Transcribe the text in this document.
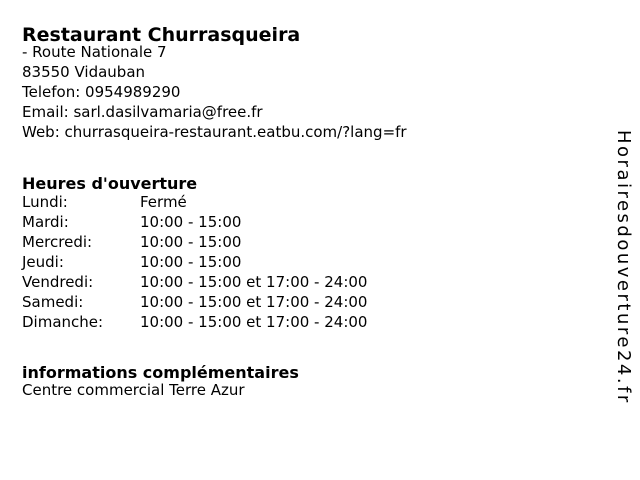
Restaurant Churrasqueira
- Route Nationale 7
83550 Vidauban
Telefon: 0954989290
Email: sarl.dasilvamaria@free.fr
Web: churrasqueira-restaurant.eatbu.com/?lang=fr
Heures d'ouverture
Lundi:	Fermé
Mardi:	10:00 - 15:00
Mercredi:	10:00 - 15:00
Jeudi:	10:00 - 15:00
Vendredi:	10:00 - 15:00 et 17:00 - 24:00
Samedi:	10:00 - 15:00 et 17:00 - 24:00
Dimanche:	10:00 - 15:00 et 17:00 - 24:00
informations complémentaires
Centre commercial Terre Azur	Horairesdouverture24.fr
